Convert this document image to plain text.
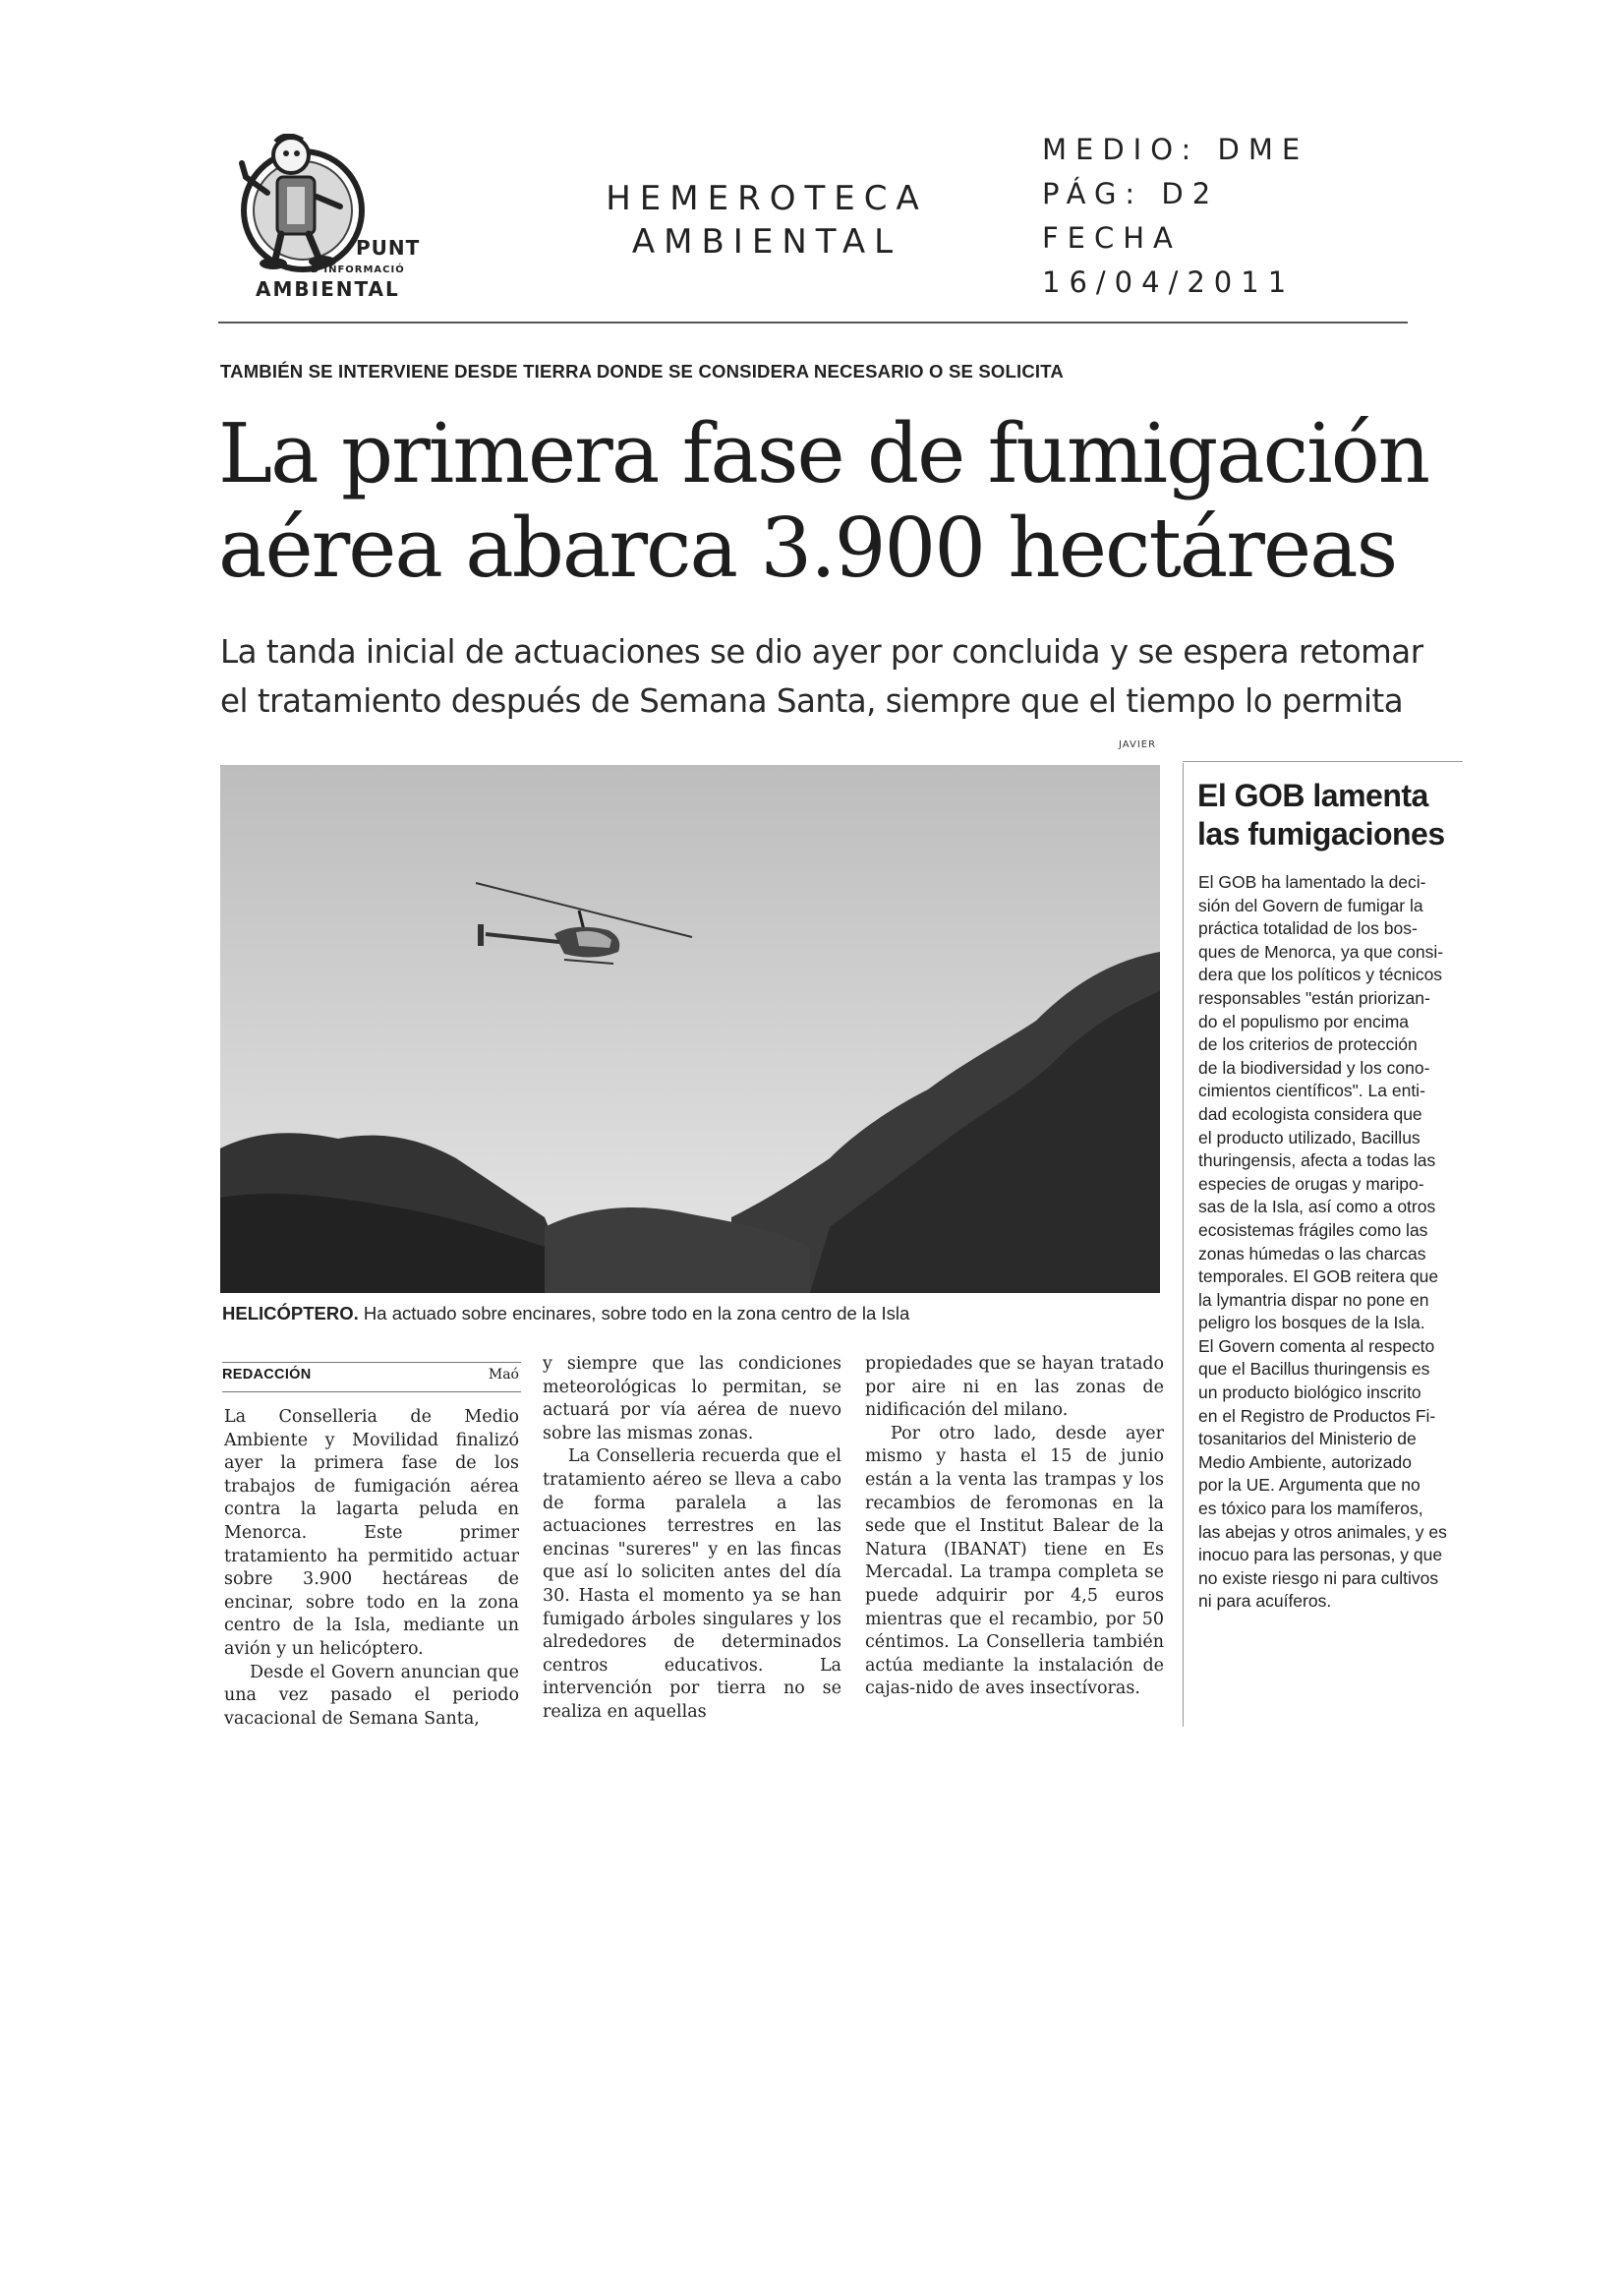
PUNT
D'INFORMACIÓ
AMBIENTAL
HEMEROTECA
AMBIENTAL
MEDIO: DME
PÁG: D2
FECHA
16/04/2011
TAMBIÉN SE INTERVIENE DESDE TIERRA DONDE SE CONSIDERA NECESARIO O SE SOLICITA
La primera fase de fumigación
aérea abarca 3.900 hectáreas
La tanda inicial de actuaciones se dio ayer por concluida y se espera retomar
el tratamiento después de Semana Santa, siempre que el tiempo lo permita
JAVIER
HELICÓPTERO. Ha actuado sobre encinares, sobre todo en la zona centro de la Isla
REDACCIÓN	Maó

La Conselleria de Medio Ambiente y Movilidad finalizó ayer la primera fase de los trabajos de fumigación aérea contra la lagarta peluda en Menorca. Este primer tratamiento ha permitido actuar sobre 3.900 hectáreas de encinar, sobre todo en la zona centro de la Isla, mediante un avión y un helicóptero.

Desde el Govern anuncian que una vez pasado el periodo vacacional de Semana Santa,

y siempre que las condiciones meteorológicas lo permitan, se actuará por vía aérea de nuevo sobre las mismas zonas.

La Conselleria recuerda que el tratamiento aéreo se lleva a cabo de forma paralela a las actuaciones terrestres en las encinas "sureres" y en las fincas que así lo soliciten antes del día 30. Hasta el momento ya se han fumigado árboles singulares y los alrededores de determinados centros educativos. La intervención por tierra no se realiza en aquellas

propiedades que se hayan tratado por aire ni en las zonas de nidificación del milano.

Por otro lado, desde ayer mismo y hasta el 15 de junio están a la venta las trampas y los recambios de feromonas en la sede que el Institut Balear de la Natura (IBANAT) tiene en Es Mercadal. La trampa completa se puede adquirir por 4,5 euros mientras que el recambio, por 50 céntimos. La Conselleria también actúa mediante la instalación de cajas-nido de aves insectívoras.

El GOB lamenta
las fumigaciones
El GOB ha lamentado la deci-
sión del Govern de fumigar la
práctica totalidad de los bos-
ques de Menorca, ya que consi-
dera que los políticos y técnicos
responsables "están priorizan-
do el populismo por encima
de los criterios de protección
de la biodiversidad y los cono-
cimientos científicos". La enti-
dad ecologista considera que
el producto utilizado, Bacillus
thuringensis, afecta a todas las
especies de orugas y maripo-
sas de la Isla, así como a otros
ecosistemas frágiles como las
zonas húmedas o las charcas
temporales. El GOB reitera que
la lymantria dispar no pone en
peligro los bosques de la Isla.
El Govern comenta al respecto
que el Bacillus thuringensis es
un producto biológico inscrito
en el Registro de Productos Fi-
tosanitarios del Ministerio de
Medio Ambiente, autorizado
por la UE. Argumenta que no
es tóxico para los mamíferos,
las abejas y otros animales, y es
inocuo para las personas, y que
no existe riesgo ni para cultivos
ni para acuíferos.
